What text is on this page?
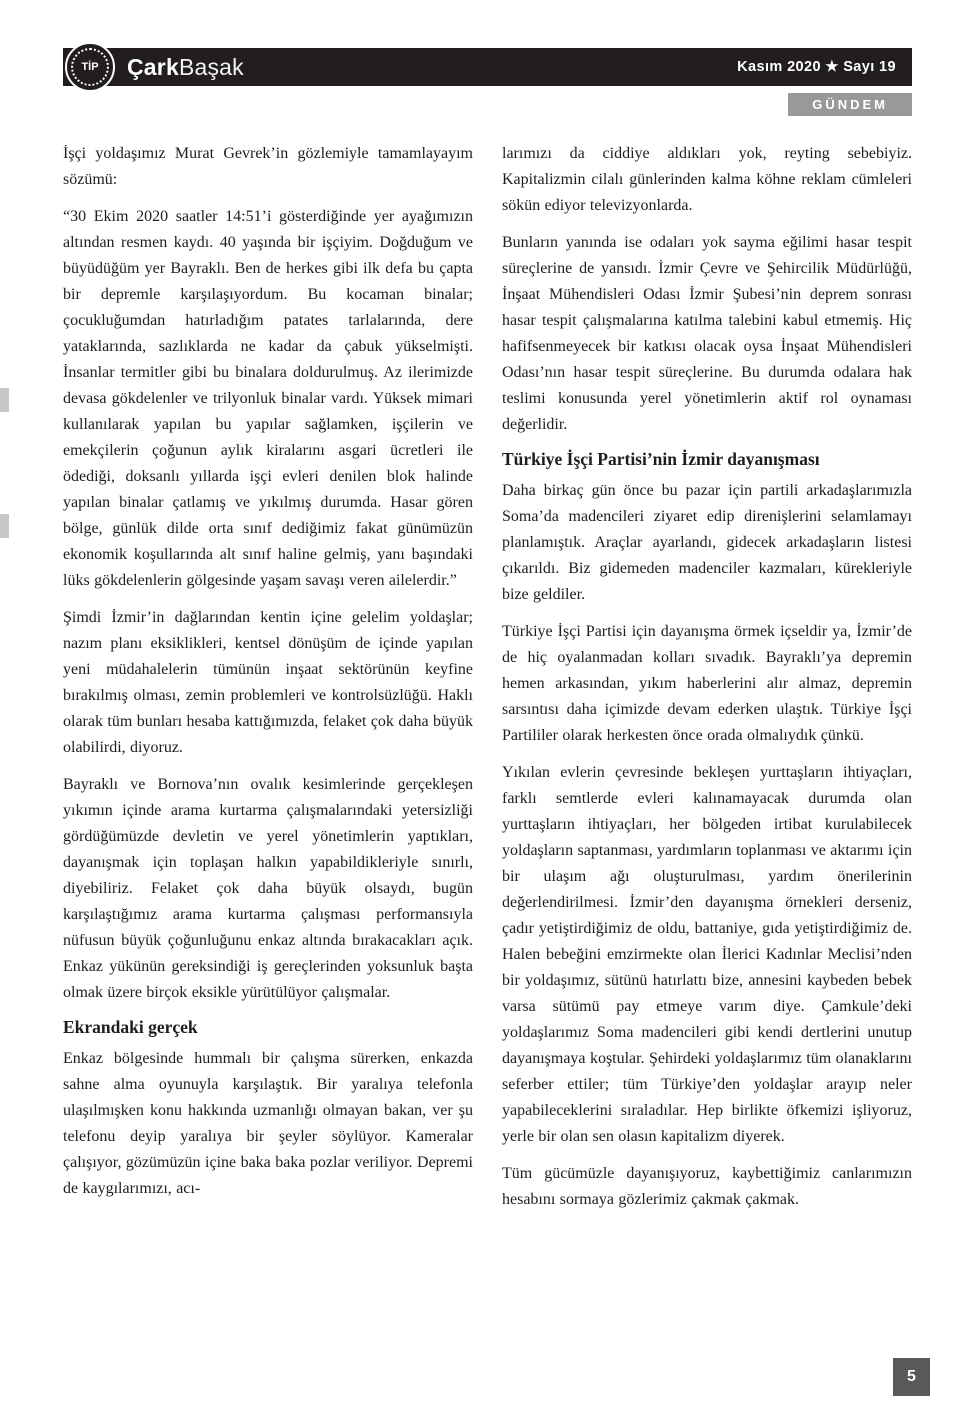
TİP	ÇarkBaşak	Kasım 2020 ★ Sayı 19
GÜNDEM

İşçi yoldaşımız Murat Gevrek’in gözlemiyle tamamlayayım sözümü:

“30 Ekim 2020 saatler 14:51’i gösterdiğinde yer ayağımızın altından resmen kaydı. 40 yaşında bir işçiyim. Doğduğum ve büyüdüğüm yer Bayraklı. Ben de herkes gibi ilk defa bu çapta bir depremle karşılaşıyordum. Bu kocaman binalar; çocukluğumdan hatırladığım patates tarlalarında, dere yataklarında, sazlıklarda ne kadar da çabuk yükselmişti. İnsanlar termitler gibi bu binalara doldurulmuş. Az ilerimizde devasa gökdelenler ve trilyonluk binalar vardı. Yüksek mimari kullanılarak yapılan bu yapılar sağlamken, işçilerin ve emekçilerin çoğunun aylık kiralarını asgari ücretleri ile ödediği, doksanlı yıllarda işçi evleri denilen blok halinde yapılan binalar çatlamış ve yıkılmış durumda. Hasar gören bölge, günlük dilde orta sınıf dediğimiz fakat günümüzün ekonomik koşullarında alt sınıf haline gelmiş, yanı başındaki lüks gökdelenlerin gölgesinde yaşam savaşı veren ailelerdir.”

Şimdi İzmir’in dağlarından kentin içine gelelim yoldaşlar; nazım planı eksiklikleri, kentsel dönüşüm de içinde yapılan yeni müdahalelerin tümünün inşaat sektörünün keyfine bırakılmış olması, zemin problemleri ve kontrolsüzlüğü. Haklı olarak tüm bunları hesaba kattığımızda, felaket çok daha büyük olabilirdi, diyoruz.

Bayraklı ve Bornova’nın ovalık kesimlerinde gerçekleşen yıkımın içinde arama kurtarma çalışmalarındaki yetersizliği gördüğümüzde devletin ve yerel yönetimlerin yaptıkları, dayanışmak için toplaşan halkın yapabildikleriyle sınırlı, diyebiliriz. Felaket çok daha büyük olsaydı, bugün karşılaştığımız arama kurtarma çalışması performansıyla nüfusun büyük çoğunluğunu enkaz altında bırakacakları açık. Enkaz yükünün gereksindiği iş gereçlerinden yoksunluk başta olmak üzere birçok eksikle yürütülüyor çalışmalar.

Ekrandaki gerçek

Enkaz bölgesinde hummalı bir çalışma sürerken, enkazda sahne alma oyunuyla karşılaştık. Bir yaralıya telefonla ulaşılmışken konu hakkında uzmanlığı olmayan bakan, ver şu telefonu deyip yaralıya bir şeyler söylüyor. Kameralar çalışıyor, gözümüzün içine baka baka pozlar veriliyor. Depremi de kaygılarımızı, acı-

larımızı da ciddiye aldıkları yok, reyting sebebiyiz. Kapitalizmin cilalı günlerinden kalma köhne reklam cümleleri sökün ediyor televizyonlarda.

Bunların yanında ise odaları yok sayma eğilimi hasar tespit süreçlerine de yansıdı. İzmir Çevre ve Şehircilik Müdürlüğü, İnşaat Mühendisleri Odası İzmir Şubesi’nin deprem sonrası hasar tespit çalışmalarına katılma talebini kabul etmemiş. Hiç hafifsenmeyecek bir katkısı olacak oysa İnşaat Mühendisleri Odası’nın hasar tespit süreçlerine. Bu durumda odalara hak teslimi konusunda yerel yönetimlerin aktif rol oynaması değerlidir.

Türkiye İşçi Partisi’nin İzmir dayanışması

Daha birkaç gün önce bu pazar için partili arkadaşlarımızla Soma’da madencileri ziyaret edip direnişlerini selamlamayı planlamıştık. Araçlar ayarlandı, gidecek arkadaşların listesi çıkarıldı. Biz gidemeden madenciler kazmaları, kürekleriyle bize geldiler.

Türkiye İşçi Partisi için dayanışma örmek içseldir ya, İzmir’de de hiç oyalanmadan kolları sıvadık. Bayraklı’ya depremin hemen arkasından, yıkım haberlerini alır almaz, depremin sarsıntısı daha içimizde devam ederken ulaştık. Türkiye İşçi Partililer olarak herkesten önce orada olmalıydık çünkü.

Yıkılan evlerin çevresinde bekleşen yurttaşların ihtiyaçları, farklı semtlerde evleri kalınamayacak durumda olan yurttaşların ihtiyaçları, her bölgeden irtibat kurulabilecek yoldaşların saptanması, yardımların toplanması ve aktarımı için bir ulaşım ağı oluşturulması, yardım önerilerinin değerlendirilmesi. İzmir’den dayanışma örnekleri derseniz, çadır yetiştirdiğimiz de oldu, battaniye, gıda yetiştirdiğimiz de. Halen bebeğini emzirmekte olan İlerici Kadınlar Meclisi’nden bir yoldaşımız, sütünü hatırlattı bize, annesini kaybeden bebek varsa sütümü pay etmeye varım diye. Çamkule’deki yoldaşlarımız Soma madencileri gibi kendi dertlerini unutup dayanışmaya koştular. Şehirdeki yoldaşlarımız tüm olanaklarını seferber ettiler; tüm Türkiye’den yoldaşlar arayıp neler yapabileceklerini sıraladılar. Hep birlikte öfkemizi işliyoruz, yerle bir olan sen olasın kapitalizm diyerek.

Tüm gücümüzle dayanışıyoruz, kaybettiğimiz canlarımızın hesabını sormaya gözlerimiz çakmak çakmak.

5
